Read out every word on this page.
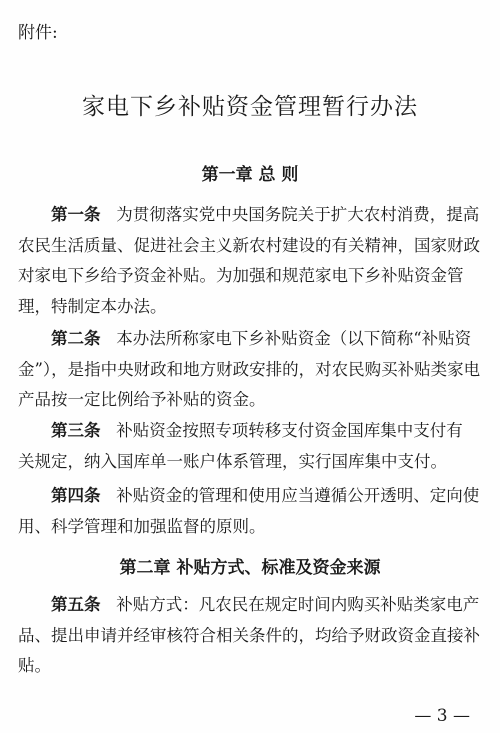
附件:
家电下乡补贴资金管理暂行办法
第一章 总 则
第一条 为贯彻落实党中央国务院关于扩大农村消费，提高
农民生活质量、促进社会主义新农村建设的有关精神，国家财政
对家电下乡给予资金补贴。为加强和规范家电下乡补贴资金管
理，特制定本办法。
第二条 本办法所称家电下乡补贴资金（以下简称“补贴资
金”），是指中央财政和地方财政安排的，对农民购买补贴类家电
产品按一定比例给予补贴的资金。
第三条 补贴资金按照专项转移支付资金国库集中支付有
关规定，纳入国库单一账户体系管理，实行国库集中支付。
第四条 补贴资金的管理和使用应当遵循公开透明、定向使
用、科学管理和加强监督的原则。
第二章 补贴方式、标准及资金来源
第五条 补贴方式：凡农民在规定时间内购买补贴类家电产
品、提出申请并经审核符合相关条件的，均给予财政资金直接补
贴。
— 3 —
